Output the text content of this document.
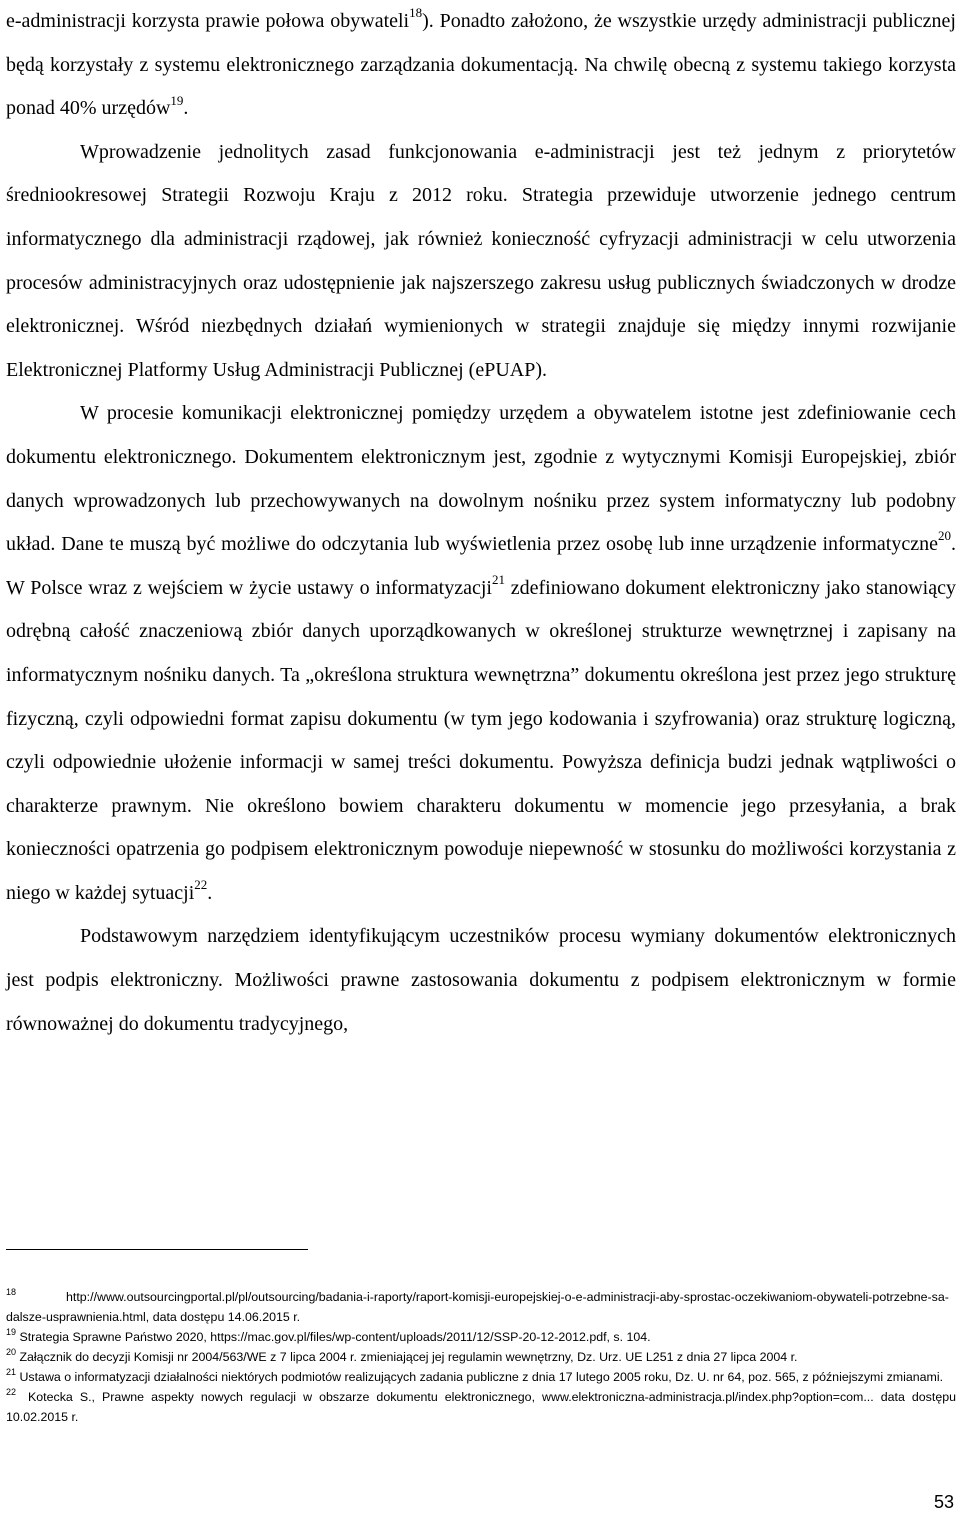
e-administracji korzysta prawie połowa obywateli$^{18}$). Ponadto założono, że wszystkie urzędy administracji publicznej będą korzystały z systemu elektronicznego zarządzania dokumentacją. Na chwilę obecną z systemu takiego korzysta ponad 40% urzędów$^{19}$.

Wprowadzenie jednolitych zasad funkcjonowania e-administracji jest też jednym z priorytetów średniookresowej Strategii Rozwoju Kraju z 2012 roku. Strategia przewiduje utworzenie jednego centrum informatycznego dla administracji rządowej, jak również konieczność cyfryzacji administracji w celu utworzenia procesów administracyjnych oraz udostępnienie jak najszerszego zakresu usług publicznych świadczonych w drodze elektronicznej. Wśród niezbędnych działań wymienionych w strategii znajduje się między innymi rozwijanie Elektronicznej Platformy Usług Administracji Publicznej (ePUAP).

W procesie komunikacji elektronicznej pomiędzy urzędem a obywatelem istotne jest zdefiniowanie cech dokumentu elektronicznego. Dokumentem elektronicznym jest, zgodnie z wytycznymi Komisji Europejskiej, zbiór danych wprowadzonych lub przechowywanych na dowolnym nośniku przez system informatyczny lub podobny układ. Dane te muszą być możliwe do odczytania lub wyświetlenia przez osobę lub inne urządzenie informatyczne$^{20}$. W Polsce wraz z wejściem w życie ustawy o informatyzacji$^{21}$ zdefiniowano dokument elektroniczny jako stanowiący odrębną całość znaczeniową zbiór danych uporządkowanych w określonej strukturze wewnętrznej i zapisany na informatycznym nośniku danych. Ta „określona struktura wewnętrzna” dokumentu określona jest przez jego strukturę fizyczną, czyli odpowiedni format zapisu dokumentu (w tym jego kodowania i szyfrowania) oraz strukturę logiczną, czyli odpowiednie ułożenie informacji w samej treści dokumentu. Powyższa definicja budzi jednak wątpliwości o charakterze prawnym. Nie określono bowiem charakteru dokumentu w momencie jego przesyłania, a brak konieczności opatrzenia go podpisem elektronicznym powoduje niepewność w stosunku do możliwości korzystania z niego w każdej sytuacji$^{22}$.

Podstawowym narzędziem identyfikującym uczestników procesu wymiany dokumentów elektronicznych jest podpis elektroniczny. Możliwości prawne zastosowania dokumentu z podpisem elektronicznym w formie równoważnej do dokumentu tradycyjnego,

$^{18}$	http://www.outsourcingportal.pl/pl/outsourcing/badania-i-raporty/raport-komisji-europejskiej-o-e-administracji-aby-sprostac-oczekiwaniom-obywateli-potrzebne-sa-dalsze-usprawnienia.html, data dostępu 14.06.2015 r.

$^{19}$ Strategia Sprawne Państwo 2020, https://mac.gov.pl/files/wp-content/uploads/2011/12/SSP-20-12-2012.pdf, s. 104.

$^{20}$ Załącznik do decyzji Komisji nr 2004/563/WE z 7 lipca 2004 r. zmieniającej jej regulamin wewnętrzny, Dz. Urz. UE L251 z dnia 27 lipca 2004 r.

$^{21}$ Ustawa o informatyzacji działalności niektórych podmiotów realizujących zadania publiczne z dnia 17 lutego 2005 roku, Dz. U. nr 64, poz. 565, z późniejszymi zmianami.

$^{22}$ Kotecka S., Prawne aspekty nowych regulacji w obszarze dokumentu elektronicznego, www.elektroniczna-administracja.pl/index.php?option=com... data dostępu 10.02.2015 r.

53
